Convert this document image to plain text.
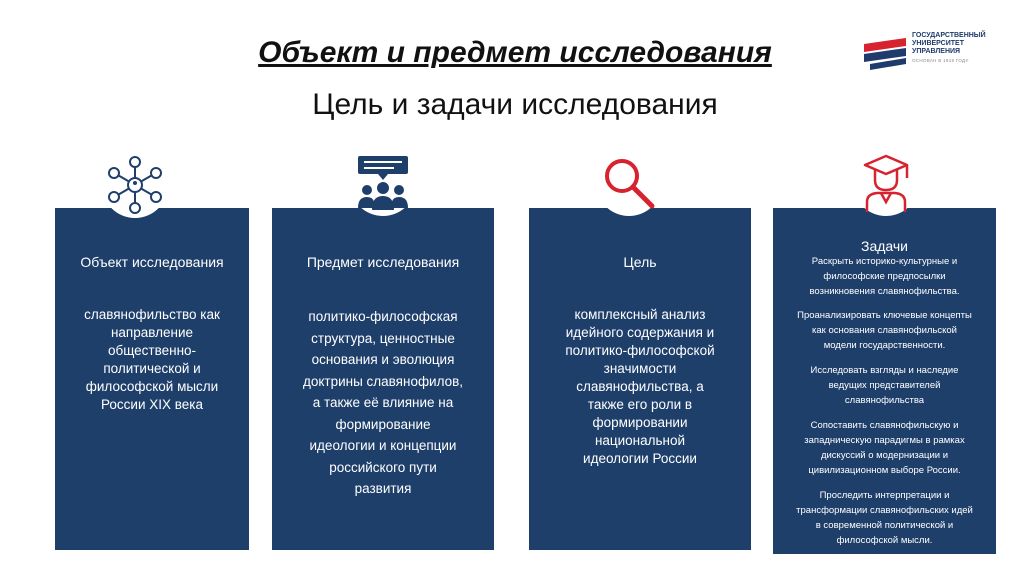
Объект и предмет исследования
Цель и задачи исследования
ГОСУДАРСТВЕННЫЙ
УНИВЕРСИТЕТ
УПРАВЛЕНИЯ
ОСНОВАН В 1919 ГОДУ
Объект исследования
славянофильство как
направление
общественно-
политической и
философской мысли
России XIX века
Предмет исследования
политико-философская
структура, ценностные
основания и эволюция
доктрины славянофилов,
а также её влияние на
формирование
идеологии и концепции
российского пути
развития
Цель
комплексный анализ
идейного содержания и
политико-философской
значимости
славянофильства, а
также его роли в
формировании
национальной
идеологии России
Задачи
Раскрыть историко-культурные и
философские предпосылки
возникновения славянофильства.
Проанализировать ключевые концепты
как основания славянофильской
модели государственности.
Исследовать взгляды и наследие
ведущих представителей
славянофильства
Сопоставить славянофильскую и
западническую парадигмы в рамках
дискуссий о модернизации и
цивилизационном выборе России.
Проследить интерпретации и
трансформации славянофильских идей
в современной политической и
философской мысли.
